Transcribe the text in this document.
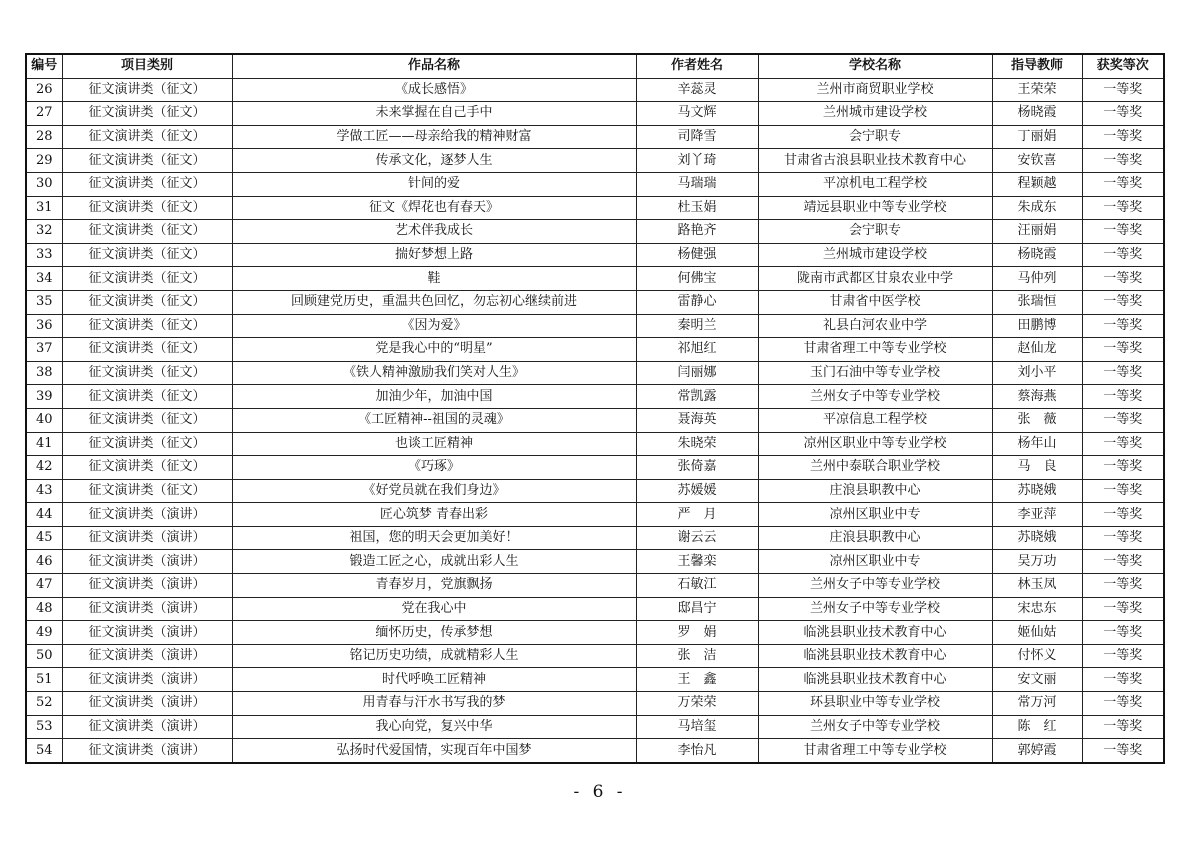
编号	项目类别	作品名称	作者姓名	学校名称	指导教师	获奖等次
26	征文演讲类（征文）	《成长感悟》	辛蕊灵	兰州市商贸职业学校	王荣荣	一等奖
27	征文演讲类（征文）	未来掌握在自己手中	马文辉	兰州城市建设学校	杨晓霞	一等奖
28	征文演讲类（征文）	学做工匠——母亲给我的精神财富	司降雪	会宁职专	丁丽娟	一等奖
29	征文演讲类（征文）	传承文化，逐梦人生	刘丫琦	甘肃省古浪县职业技术教育中心	安钦喜	一等奖
30	征文演讲类（征文）	针间的爱	马瑞瑞	平凉机电工程学校	程颖越	一等奖
31	征文演讲类（征文）	征文《焊花也有春天》	杜玉娟	靖远县职业中等专业学校	朱成东	一等奖
32	征文演讲类（征文）	艺术伴我成长	路艳齐	会宁职专	汪丽娟	一等奖
33	征文演讲类（征文）	揣好梦想上路	杨健强	兰州城市建设学校	杨晓霞	一等奖
34	征文演讲类（征文）	鞋	何佛宝	陇南市武都区甘泉农业中学	马仲列	一等奖
35	征文演讲类（征文）	回顾建党历史，重温共色回忆，勿忘初心继续前进	雷静心	甘肃省中医学校	张瑞恒	一等奖
36	征文演讲类（征文）	《因为爱》	秦明兰	礼县白河农业中学	田鹏博	一等奖
37	征文演讲类（征文）	党是我心中的“明星”	祁旭红	甘肃省理工中等专业学校	赵仙龙	一等奖
38	征文演讲类（征文）	《铁人精神激励我们笑对人生》	闫丽娜	玉门石油中等专业学校	刘小平	一等奖
39	征文演讲类（征文）	加油少年，加油中国	常凯露	兰州女子中等专业学校	蔡海燕	一等奖
40	征文演讲类（征文）	《工匠精神--祖国的灵魂》	聂海英	平凉信息工程学校	张　薇	一等奖
41	征文演讲类（征文）	也谈工匠精神	朱晓荣	凉州区职业中等专业学校	杨年山	一等奖
42	征文演讲类（征文）	《巧琢》	张倚嘉	兰州中泰联合职业学校	马　良	一等奖
43	征文演讲类（征文）	《好党员就在我们身边》	苏媛媛	庄浪县职教中心	苏晓娥	一等奖
44	征文演讲类（演讲）	匠心筑梦 青春出彩	严　月	凉州区职业中专	李亚萍	一等奖
45	征文演讲类（演讲）	祖国，您的明天会更加美好！	谢云云	庄浪县职教中心	苏晓娥	一等奖
46	征文演讲类（演讲）	锻造工匠之心，成就出彩人生	王馨栾	凉州区职业中专	吴万功	一等奖
47	征文演讲类（演讲）	青春岁月，党旗飘扬	石敏江	兰州女子中等专业学校	林玉凤	一等奖
48	征文演讲类（演讲）	党在我心中	邸昌宁	兰州女子中等专业学校	宋忠东	一等奖
49	征文演讲类（演讲）	缅怀历史，传承梦想	罗　娟	临洮县职业技术教育中心	姬仙姑	一等奖
50	征文演讲类（演讲）	铭记历史功绩，成就精彩人生	张　洁	临洮县职业技术教育中心	付怀义	一等奖
51	征文演讲类（演讲）	时代呼唤工匠精神	王　鑫	临洮县职业技术教育中心	安文丽	一等奖
52	征文演讲类（演讲）	用青春与汗水书写我的梦	万荣荣	环县职业中等专业学校	常万河	一等奖
53	征文演讲类（演讲）	我心向党，复兴中华	马培玺	兰州女子中等专业学校	陈　红	一等奖
54	征文演讲类（演讲）	弘扬时代爱国情，实现百年中国梦	李怡凡	甘肃省理工中等专业学校	郭婷霞	一等奖
- 6 -
